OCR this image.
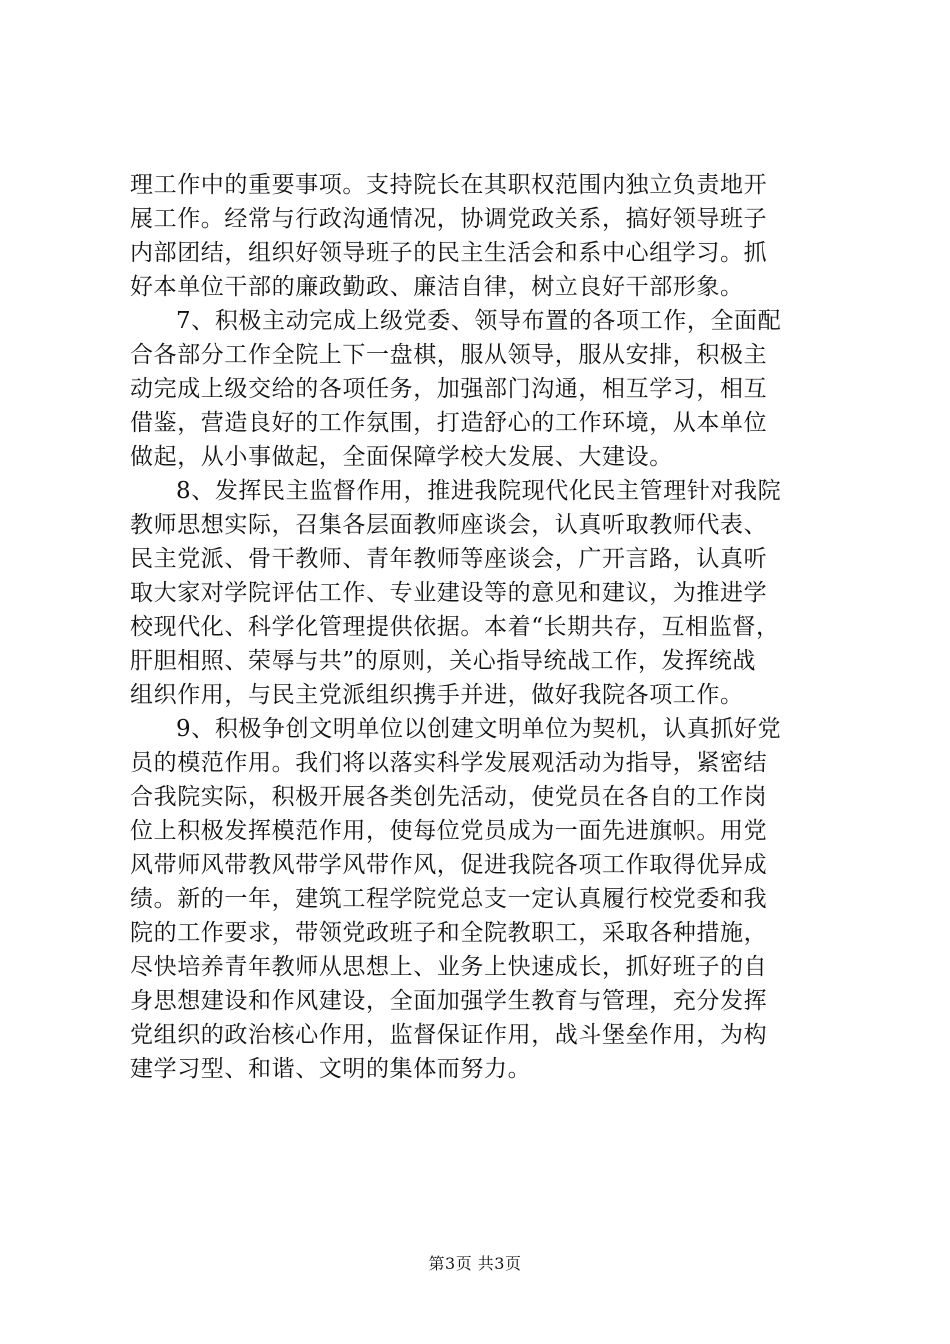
理工作中的重要事项。支持院长在其职权范围内独立负责地开
展工作。经常与行政沟通情况，协调党政关系，搞好领导班子
内部团结，组织好领导班子的民主生活会和系中心组学习。抓
好本单位干部的廉政勤政、廉洁自律，树立良好干部形象。
7、积极主动完成上级党委、领导布置的各项工作，全面配
合各部分工作全院上下一盘棋，服从领导，服从安排，积极主
动完成上级交给的各项任务，加强部门沟通，相互学习，相互
借鉴，营造良好的工作氛围，打造舒心的工作环境，从本单位
做起，从小事做起，全面保障学校大发展、大建设。
8、发挥民主监督作用，推进我院现代化民主管理针对我院
教师思想实际，召集各层面教师座谈会，认真听取教师代表、
民主党派、骨干教师、青年教师等座谈会，广开言路，认真听
取大家对学院评估工作、专业建设等的意见和建议，为推进学
校现代化、科学化管理提供依据。本着“长期共存，互相监督，
肝胆相照、荣辱与共”的原则，关心指导统战工作，发挥统战
组织作用，与民主党派组织携手并进，做好我院各项工作。
9、积极争创文明单位以创建文明单位为契机，认真抓好党
员的模范作用。我们将以落实科学发展观活动为指导，紧密结
合我院实际，积极开展各类创先活动，使党员在各自的工作岗
位上积极发挥模范作用，使每位党员成为一面先进旗帜。用党
风带师风带教风带学风带作风，促进我院各项工作取得优异成
绩。新的一年，建筑工程学院党总支一定认真履行校党委和我
院的工作要求，带领党政班子和全院教职工，采取各种措施，
尽快培养青年教师从思想上、业务上快速成长，抓好班子的自
身思想建设和作风建设，全面加强学生教育与管理，充分发挥
党组织的政治核心作用，监督保证作用，战斗堡垒作用，为构
建学习型、和谐、文明的集体而努力。
第3页 共3页
